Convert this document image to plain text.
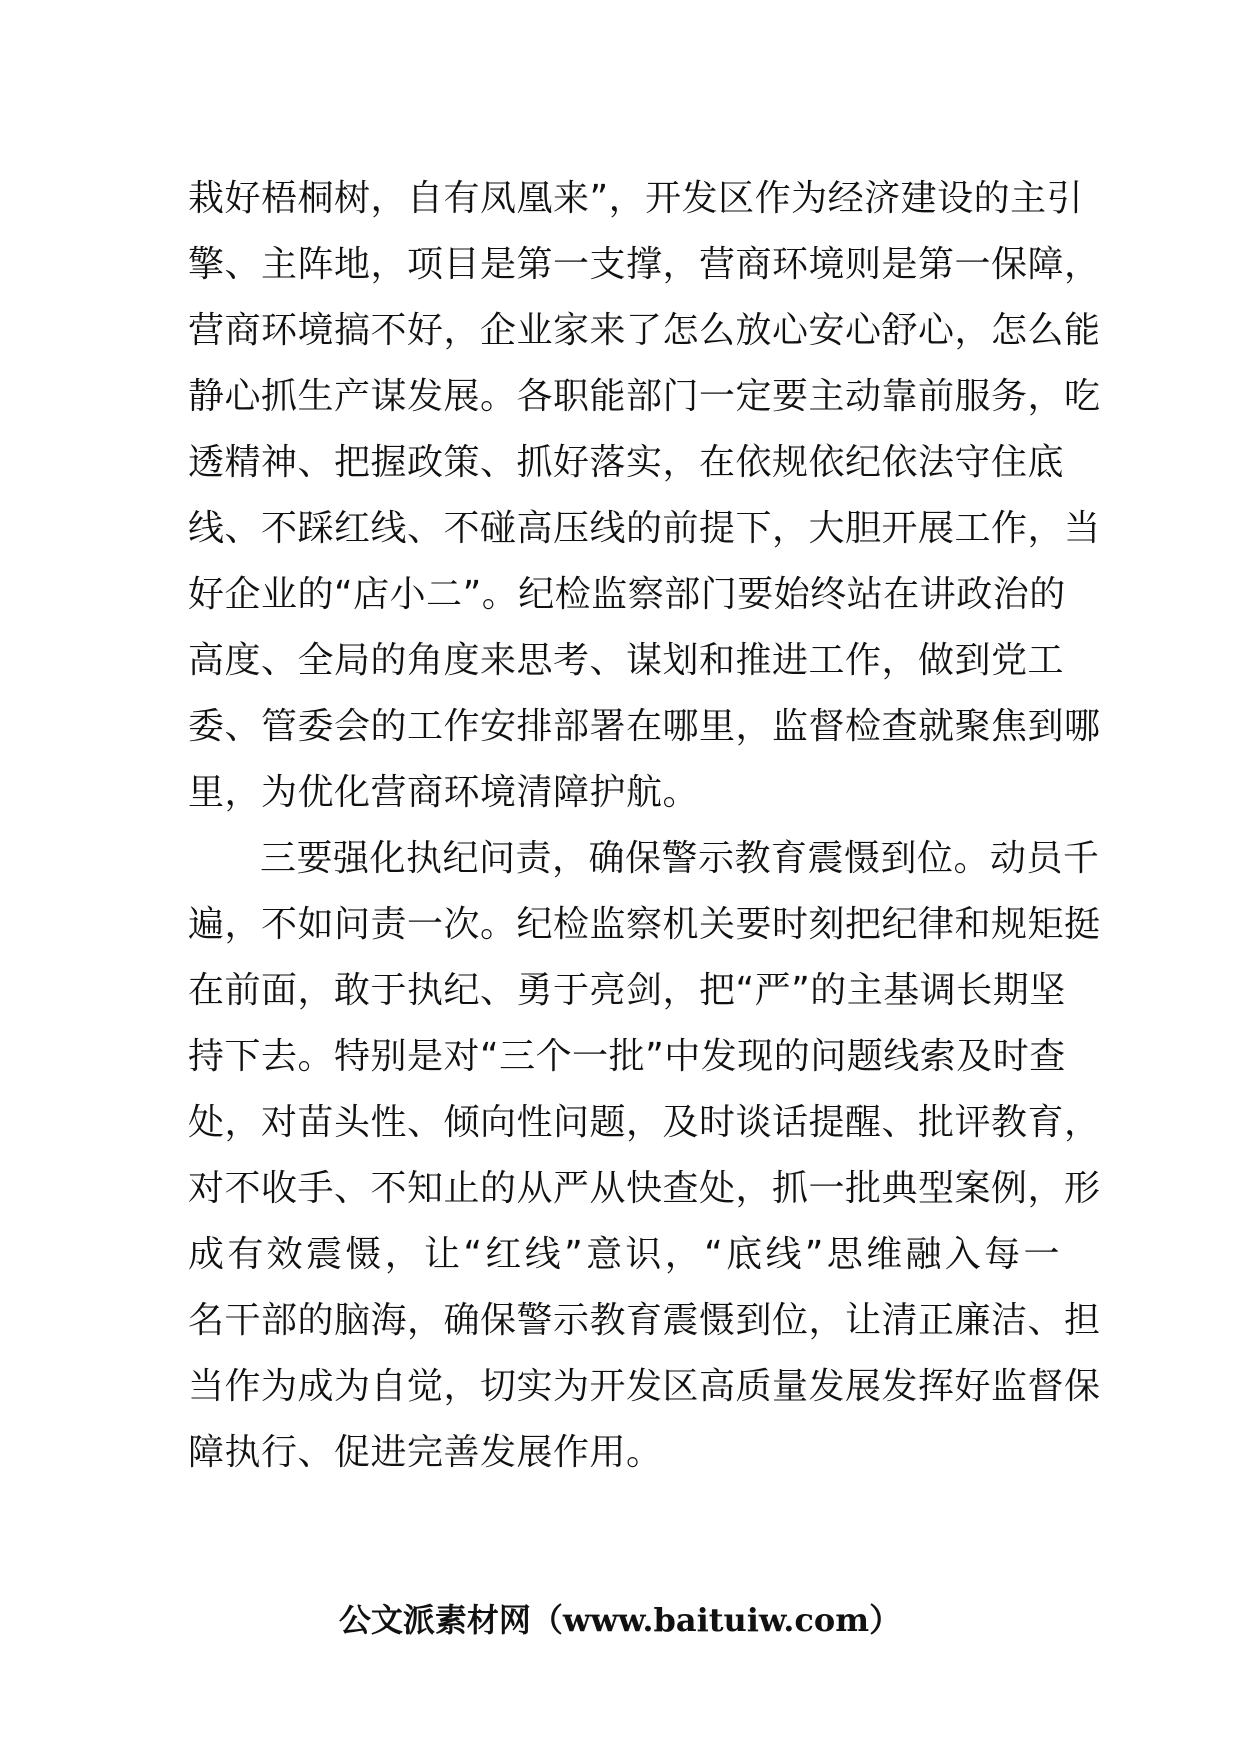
栽好梧桐树，自有凤凰来”，开发区作为经济建设的主引
擎、主阵地，项目是第一支撑，营商环境则是第一保障，
营商环境搞不好，企业家来了怎么放心安心舒心，怎么能
静心抓生产谋发展。各职能部门一定要主动靠前服务，吃
透精神、把握政策、抓好落实，在依规依纪依法守住底
线、不踩红线、不碰高压线的前提下，大胆开展工作，当
好企业的“店小二”。纪检监察部门要始终站在讲政治的
高度、全局的角度来思考、谋划和推进工作，做到党工
委、管委会的工作安排部署在哪里，监督检查就聚焦到哪
里，为优化营商环境清障护航。
三要强化执纪问责，确保警示教育震慑到位。动员千
遍，不如问责一次。纪检监察机关要时刻把纪律和规矩挺
在前面，敢于执纪、勇于亮剑，把“严”的主基调长期坚
持下去。特别是对“三个一批”中发现的问题线索及时查
处，对苗头性、倾向性问题，及时谈话提醒、批评教育，
对不收手、不知止的从严从快查处，抓一批典型案例，形
成有效震慑，让“红线”意识，“底线”思维融入每一
名干部的脑海，确保警示教育震慑到位，让清正廉洁、担
当作为成为自觉，切实为开发区高质量发展发挥好监督保
障执行、促进完善发展作用。
公文派素材网（www.baituiw.com）
